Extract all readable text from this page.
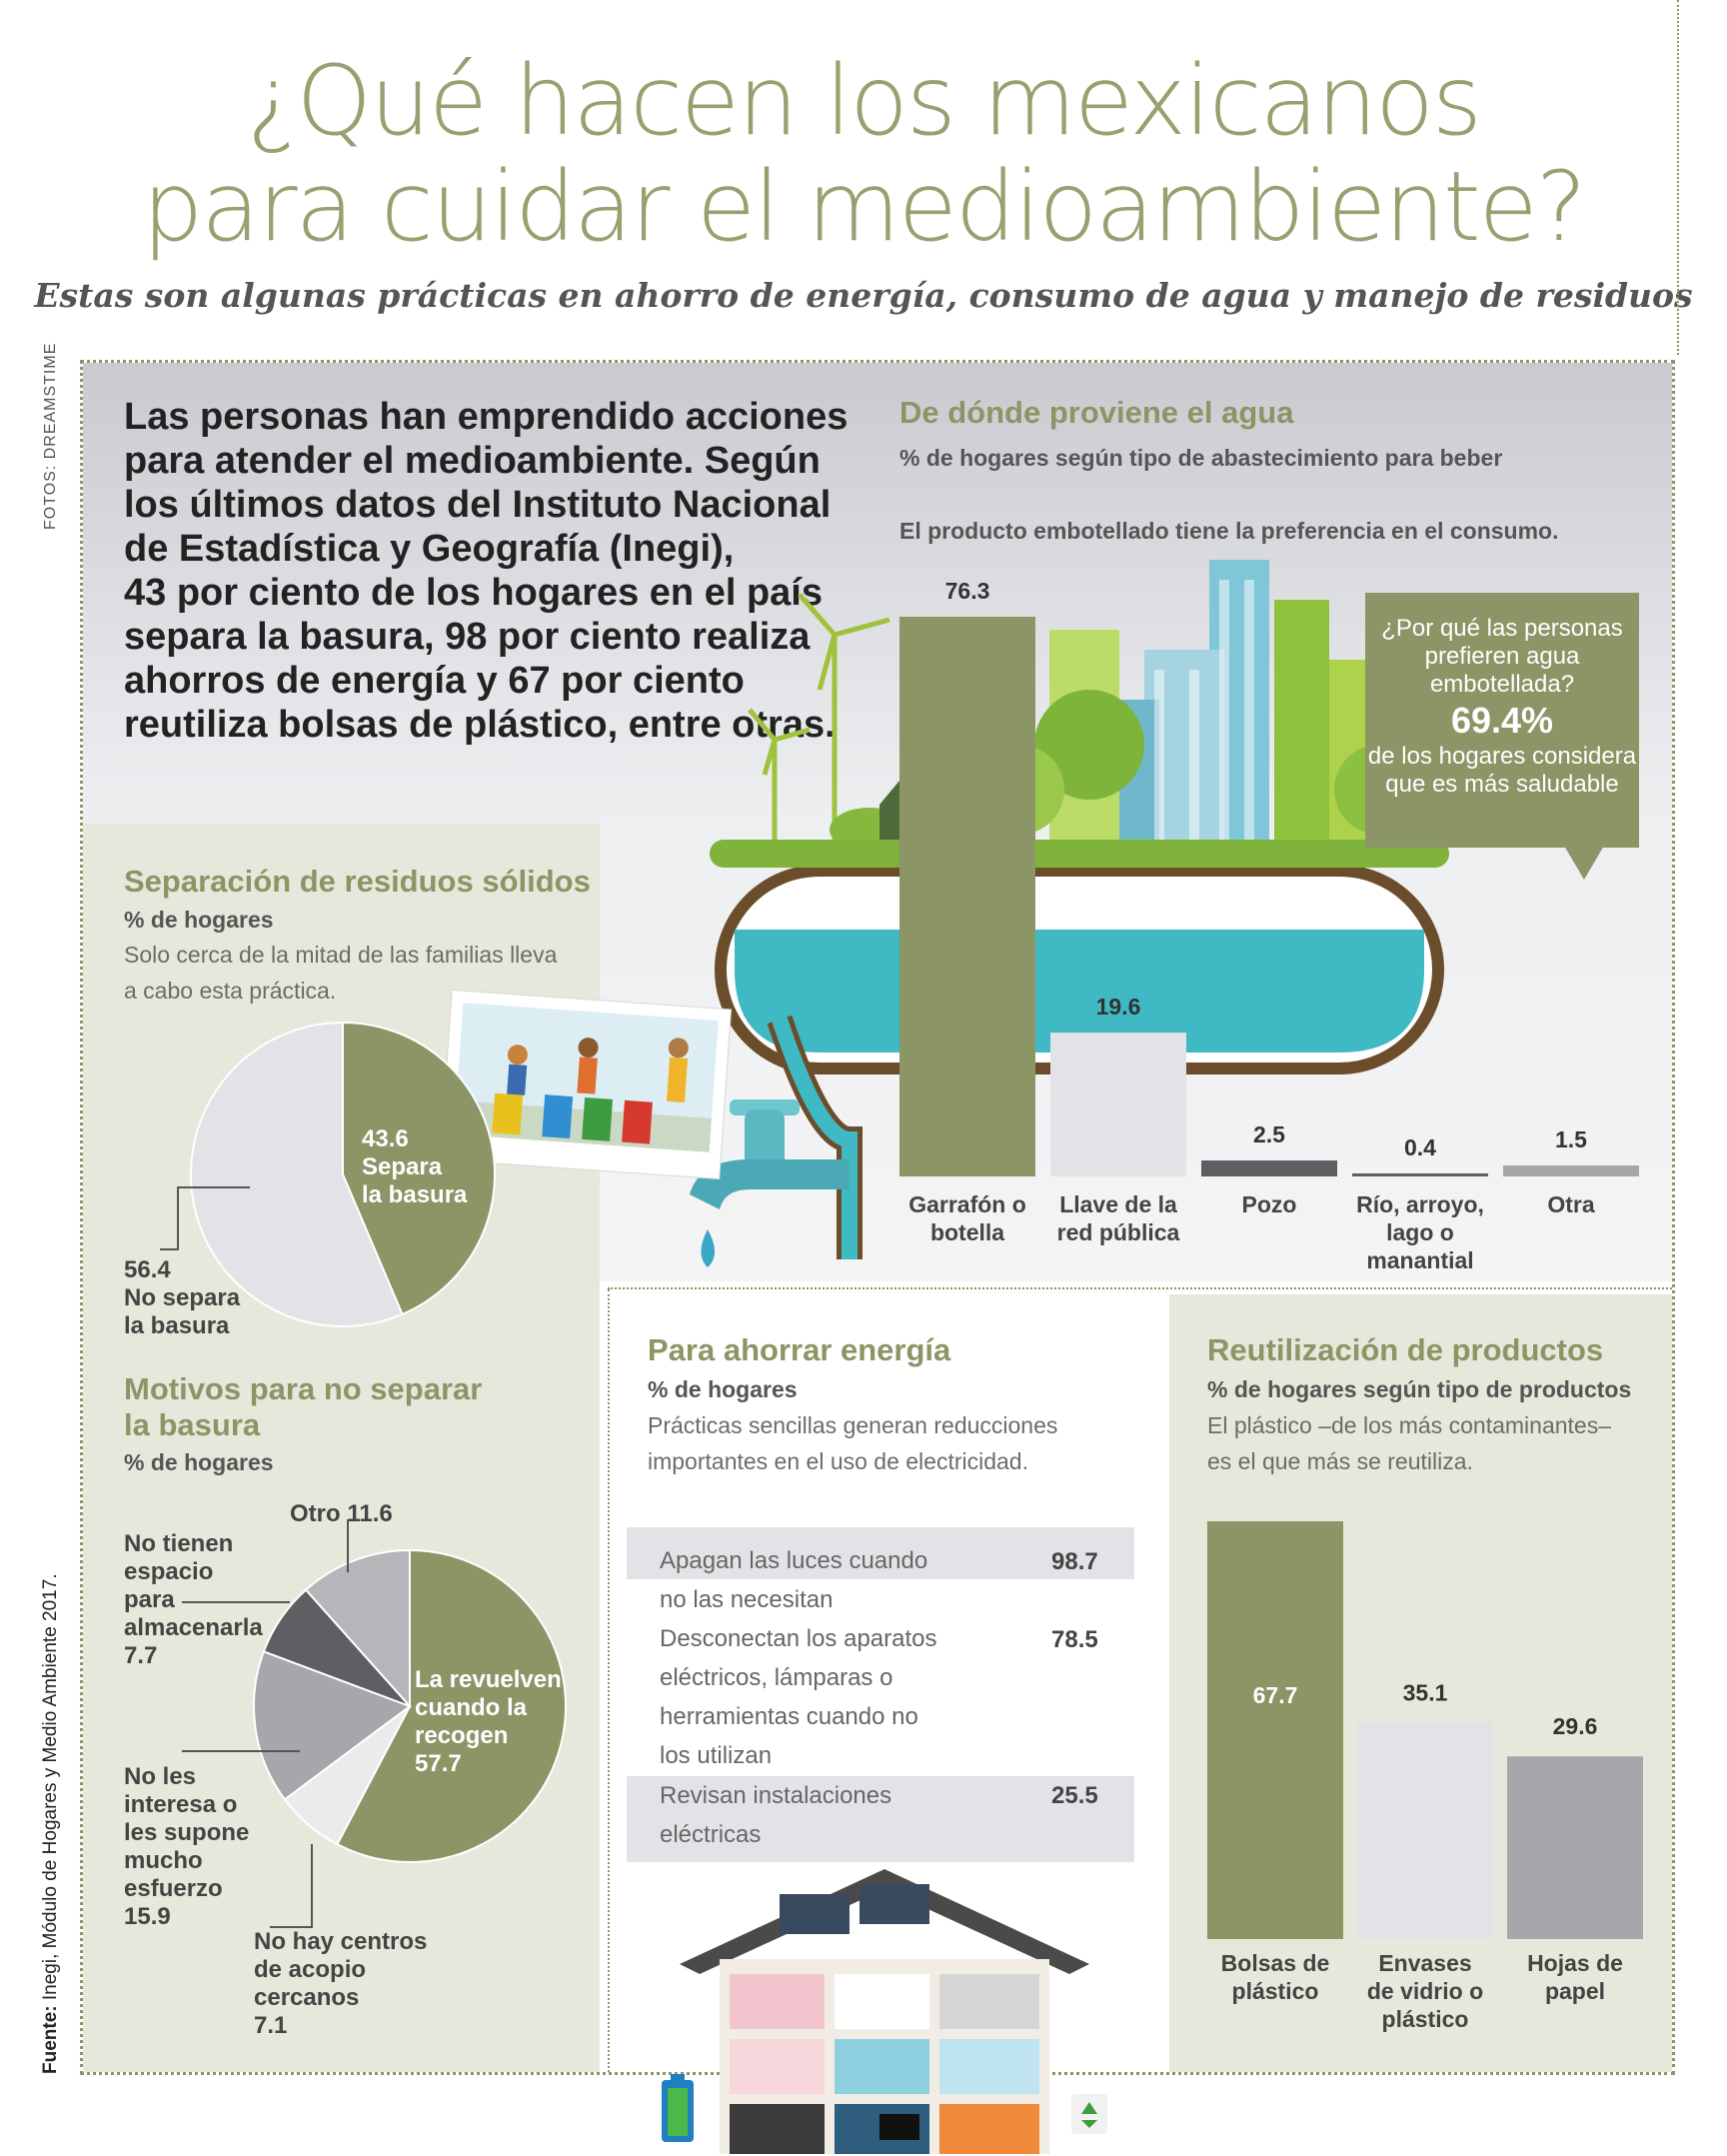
¿Qué hacen los mexicanos
para cuidar el medioambiente?
Estas son algunas prácticas en ahorro de energía, consumo de agua y manejo de residuos
FOTOS: DREAMSTIME Las personas han emprendido acciones
para atender el medioambiente. Según
los últimos datos del Instituto Nacional
de Estadística y Geografía (Inegi),
43 por ciento de los hogares en el país
separa la basura, 98 por ciento realiza
ahorros de energía y 67 por ciento
reutiliza bolsas de plástico, entre otras.
De dónde proviene el agua
% de hogares según tipo de abastecimiento para beber
El producto embotellado tiene la preferencia en el consumo.
76.3
Garrafón o
botella
19.6
Llave de la
red pública
2.5
Pozo
0.4
Río, arroyo,
lago o
manantial
1.5
Otra
¿Por qué las personas
prefieren agua
embotellada?
69.4%
de los hogares considera
que es más saludable
Separación de residuos sólidos
% de hogares
Solo cerca de la mitad de las familias lleva
a cabo esta práctica.
43.6
Separa
la basura
56.4
No separa
la basura
Motivos para no separar
la basura
% de hogares
La revuelven
cuando la
recogen
57.7
No hay centros
de acopio
cercanos
7.1
No les
interesa o
les supone
mucho
esfuerzo
15.9
No tienen
espacio
para
almacenarla
7.7
Otro 11.6
Para ahorrar energía
% de hogares
Prácticas sencillas generan reducciones
importantes en el uso de electricidad.
Apagan las luces cuando
no las necesitan
98.7
Desconectan los aparatos
eléctricos, lámparas o
herramientas cuando no
los utilizan
78.5
Revisan instalaciones
eléctricas
25.5
Reutilización de productos
% de hogares según tipo de productos
El plástico –de los más contaminantes–
es el que más se reutiliza.
67.7
Bolsas de
plástico
35.1
Envases
de vidrio o
plástico
29.6
Hojas de
papel
Fuente: Inegi, Módulo de Hogares y Medio Ambiente 2017.
